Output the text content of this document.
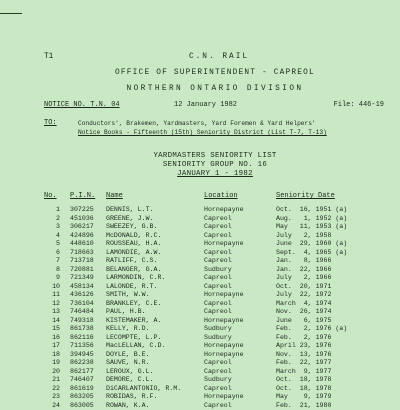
T1	C.N. RAIL
OFFICE OF SUPERINTENDENT - CAPREOL
NORTHERN ONTARIO DIVISION
NOTICE NO. T.N. 04	12 January 1982	File: 446-19
TO:	Conductors', Brakemen, Yardmasters, Yard Foremen & Yard Helpers'
Notice Books - Fifteenth (15th) Seniority District (List T-7, T-13)
YARDMASTERS SENIORITY LIST
SENIORITY GROUP NO. 16
JANUARY 1 - 1982
No.	P.I.N. Name	Location	Seniority Date
1 307225 DENNIS, L.T.	Hornepayne	Oct.  16, 1951 (a)
2 451036 GREENE, J.W.	Capreol	Aug.   1, 1952 (a)
3 306217 SWEEZEY, G.B.	Capreol	May   11, 1953 (a)
4 424896 McDONALD, R.C.	Capreol	July   2, 1958
5 448610 ROUSSEAU, H.A.	Hornepayne	June  29, 1960 (a)
6 718663 LAMONDIE, A.W.	Capreol	Sept.  4, 1965 (a)
7 713718 RATLIFF, C.S.	Capreol	Jan.   8, 1966
8 720881 BELANGER, G.A.	Sudbury	Jan.  22, 1966
9 721349 LARMONDIN, C.R.	Capreol	July   2, 1966
10 458134 LALONDE, R.T.	Capreol	Oct.  20, 1971
11 436126 SMITH, W.W.	Hornepayne	July  22, 1972
12 736104 BRANKLEY, C.E.	Capreol	March  4, 1974
13 746484 PAUL, H.B.	Capreol	Nov.  26, 1974
14 749318 KISTEMAKER, A.	Hornepayne	June   6, 1975
15 861738 KELLY, R.D.	Sudbury	Feb.   2, 1976 (a)
16 862116 LECOMPTE, L.P.	Sudbury	Feb.   2, 1976
17 711356 MacLELLAN, C.D.	Hornepayne	April 23, 1976
18 394945 DOYLE, B.E.	Hornepayne	Nov.  13, 1976
19 862238 SAUVE, N.R.	Capreol	Feb.  22, 1977
20 862177 LEROUX, G.L.	Capreol	March  9, 1977
21 746407 DEMORE, C.L.	Sudbury	Oct.  18, 1978
22 861619 DiCARLANTONIO, R.M.	Capreol	Oct.  18, 1978
23 863205 ROBIDAS, R.F.	Hornepayne	May    9, 1979
24 863005 ROWAN, K.A.	Capreol	Feb.  21, 1980
